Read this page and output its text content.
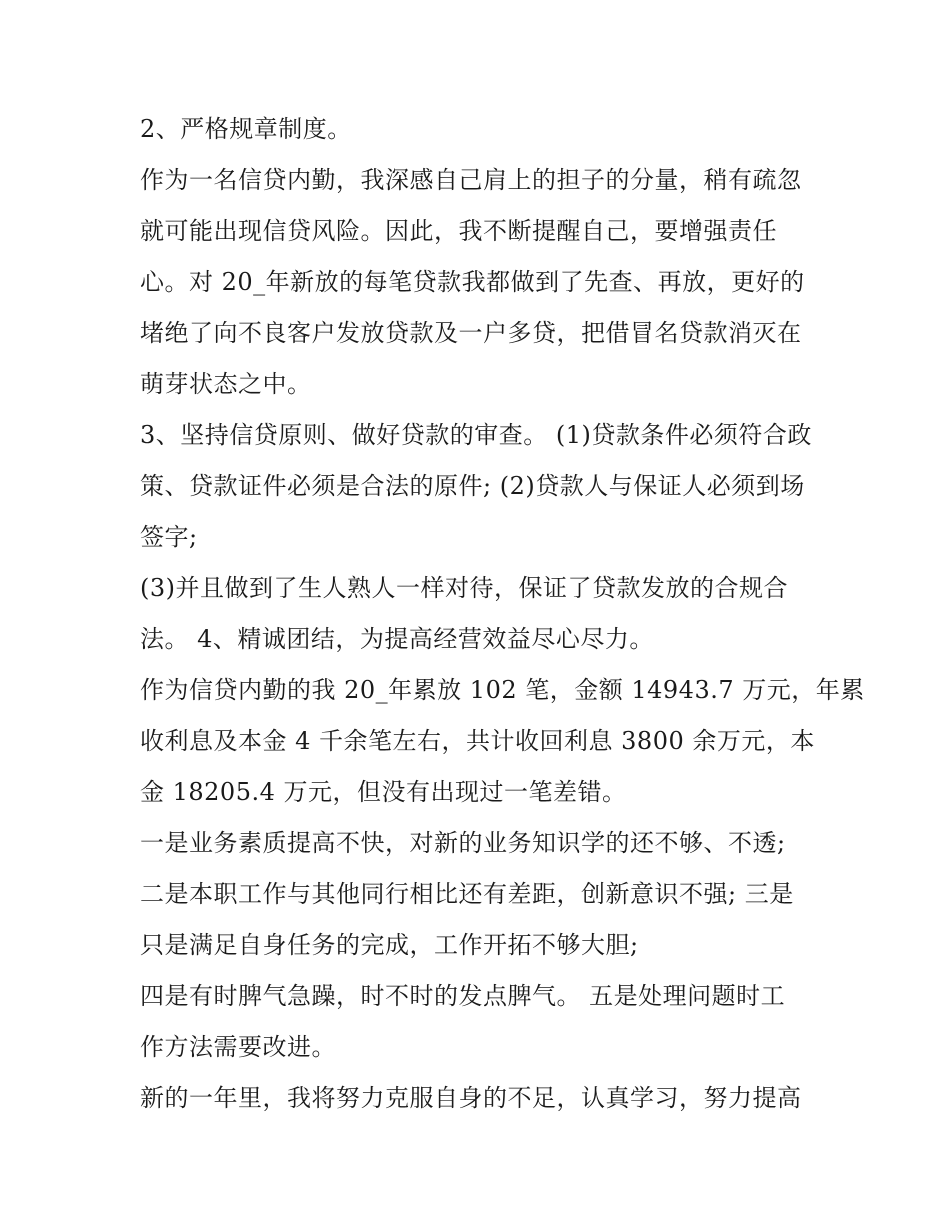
2、严格规章制度。
作为一名信贷内勤，我深感自己肩上的担子的分量，稍有疏忽
就可能出现信贷风险。因此，我不断提醒自己，要增强责任
心。对 20_年新放的每笔贷款我都做到了先查、再放，更好的
堵绝了向不良客户发放贷款及一户多贷，把借冒名贷款消灭在
萌芽状态之中。
3、坚持信贷原则、做好贷款的审查。 (1)贷款条件必须符合政
策、贷款证件必须是合法的原件; (2)贷款人与保证人必须到场
签字;
(3)并且做到了生人熟人一样对待，保证了贷款发放的合规合
法。 4、精诚团结，为提高经营效益尽心尽力。
作为信贷内勤的我 20_年累放 102 笔，金额 14943.7 万元，年累
收利息及本金 4 千余笔左右，共计收回利息 3800 余万元，本
金 18205.4 万元，但没有出现过一笔差错。
一是业务素质提高不快，对新的业务知识学的还不够、不透;
二是本职工作与其他同行相比还有差距，创新意识不强; 三是
只是满足自身任务的完成，工作开拓不够大胆;
四是有时脾气急躁，时不时的发点脾气。 五是处理问题时工
作方法需要改进。
新的一年里，我将努力克服自身的不足，认真学习，努力提高
